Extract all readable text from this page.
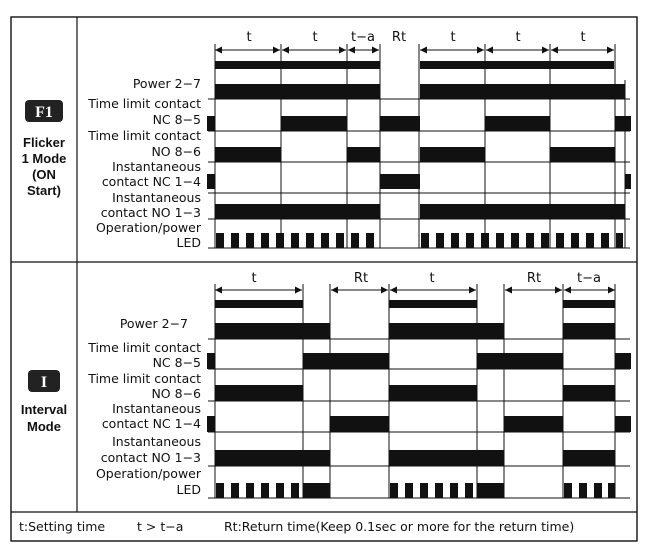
F1
Flicker
1 Mode
(ON
Start)
t	t	t−a Rt	t	t	t
Power 2−7
Time limit contact
NC 8−5
Time limit contact
NO 8−6
Instantaneous
contact NC 1−4
Instantaneous
contact NO 1−3
Operation/power
LED
I
Interval
Mode
t	Rt	t	Rt	t−a
Power 2−7
Time limit contact
NC 8−5
Time limit contact
NO 8−6
Instantaneous
contact NC 1−4
Instantaneous
contact NO 1−3
Operation/power
LED
t:Setting time	t > t−a	Rt:Return time(Keep 0.1sec or more for the return time)
